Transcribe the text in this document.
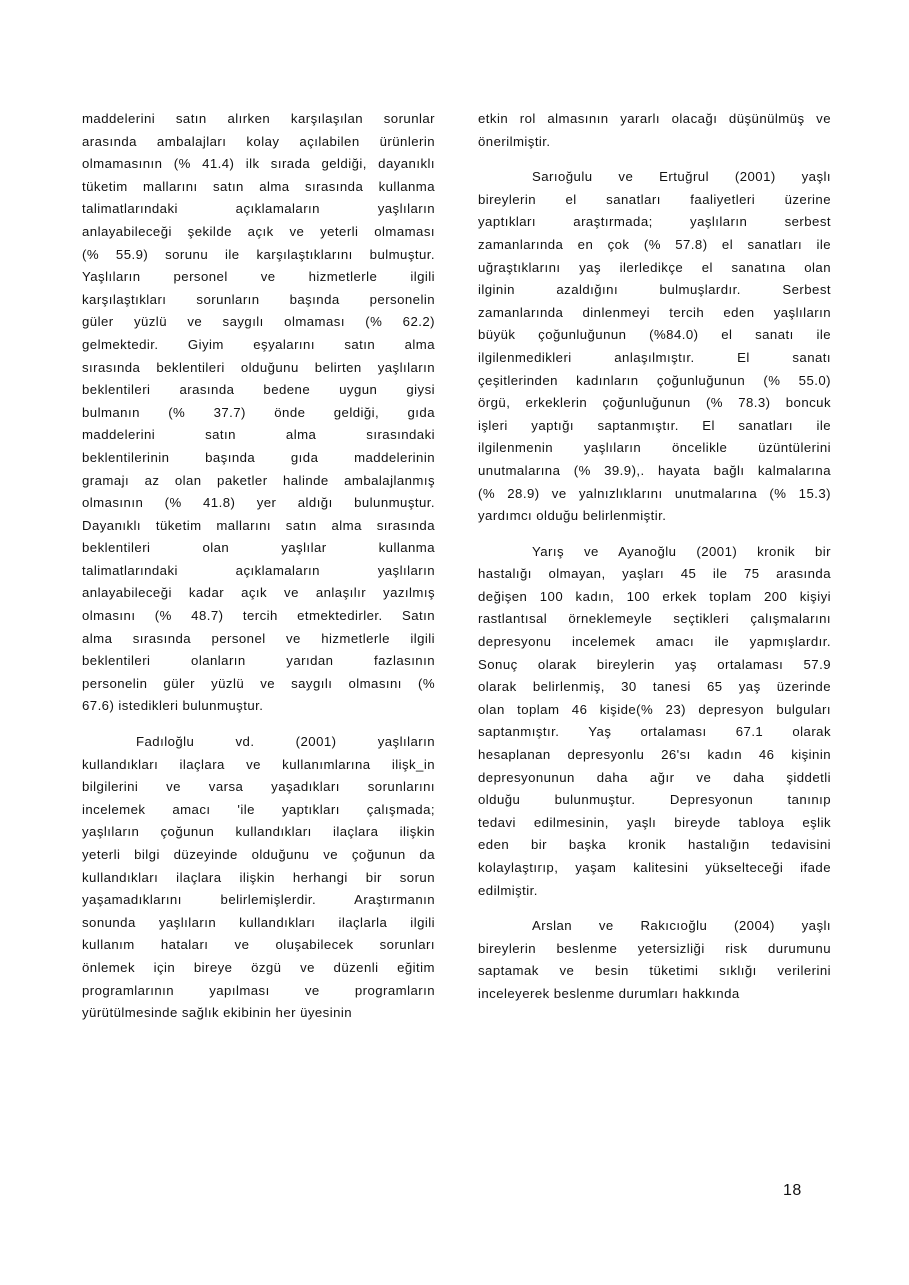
maddelerini satın alırken karşılaşılan sorunlar
arasında ambalajları kolay açılabilen ürünlerin
olmamasının (% 41.4) ilk sırada geldiği, dayanıklı
tüketim mallarını satın alma sırasında kullanma
talimatlarındaki açıklamaların yaşlıların
anlayabileceği şekilde açık ve yeterli olmaması
(% 55.9) sorunu ile karşılaştıklarını bulmuştur.
Yaşlıların personel ve hizmetlerle ilgili
karşılaştıkları sorunların başında personelin
güler yüzlü ve saygılı olmaması (% 62.2)
gelmektedir. Giyim eşyalarını satın alma
sırasında beklentileri olduğunu belirten yaşlıların
beklentileri arasında bedene uygun giysi
bulmanın (% 37.7) önde geldiği, gıda
maddelerini satın alma sırasındaki
beklentilerinin başında gıda maddelerinin
gramajı az olan paketler halinde ambalajlanmış
olmasının (% 41.8) yer aldığı bulunmuştur.
Dayanıklı tüketim mallarını satın alma sırasında
beklentileri olan yaşlılar kullanma
talimatlarındaki açıklamaların yaşlıların
anlayabileceği kadar açık ve anlaşılır yazılmış
olmasını (% 48.7) tercih etmektedirler. Satın
alma sırasında personel ve hizmetlerle ilgili
beklentileri olanların yarıdan fazlasının
personelin güler yüzlü ve saygılı olmasını (%
67.6) istedikleri bulunmuştur.
Fadıloğlu vd. (2001) yaşlıların
kullandıkları ilaçlara ve kullanımlarına ilişk_in
bilgilerini ve varsa yaşadıkları sorunlarını
incelemek amacı 'ile yaptıkları çalışmada;
yaşlıların çoğunun kullandıkları ilaçlara ilişkin
yeterli bilgi düzeyinde olduğunu ve çoğunun da
kullandıkları ilaçlara ilişkin herhangi bir sorun
yaşamadıklarını belirlemişlerdir. Araştırmanın
sonunda yaşlıların kullandıkları ilaçlarla ilgili
kullanım hataları ve oluşabilecek sorunları
önlemek için bireye özgü ve düzenli eğitim
programlarının yapılması ve programların
yürütülmesinde sağlık ekibinin her üyesinin
etkin rol almasının yararlı olacağı düşünülmüş ve
önerilmiştir.
Sarıoğulu ve Ertuğrul (2001) yaşlı
bireylerin el sanatları faaliyetleri üzerine
yaptıkları araştırmada; yaşlıların serbest
zamanlarında en çok (% 57.8) el sanatları ile
uğraştıklarını yaş ilerledikçe el sanatına olan
ilginin azaldığını bulmuşlardır. Serbest
zamanlarında dinlenmeyi tercih eden yaşlıların
büyük çoğunluğunun (%84.0) el sanatı ile
ilgilenmedikleri anlaşılmıştır. El sanatı
çeşitlerinden kadınların çoğunluğunun (% 55.0)
örgü, erkeklerin çoğunluğunun (% 78.3) boncuk
işleri yaptığı saptanmıştır. El sanatları ile
ilgilenmenin yaşlıların öncelikle üzüntülerini
unutmalarına (% 39.9),. hayata bağlı kalmalarına
(% 28.9) ve yalnızlıklarını unutmalarına (% 15.3)
yardımcı olduğu belirlenmiştir.
Yarış ve Ayanoğlu (2001) kronik bir
hastalığı olmayan, yaşları 45 ile 75 arasında
değişen 100 kadın, 100 erkek toplam 200 kişiyi
rastlantısal örneklemeyle seçtikleri çalışmalarını
depresyonu incelemek amacı ile yapmışlardır.
Sonuç olarak bireylerin yaş ortalaması 57.9
olarak belirlenmiş, 30 tanesi 65 yaş üzerinde
olan toplam 46 kişide(% 23) depresyon bulguları
saptanmıştır. Yaş ortalaması 67.1 olarak
hesaplanan depresyonlu 26'sı kadın 46 kişinin
depresyonunun daha ağır ve daha şiddetli
olduğu bulunmuştur. Depresyonun tanınıp
tedavi edilmesinin, yaşlı bireyde tabloya eşlik
eden bir başka kronik hastalığın tedavisini
kolaylaştırıp, yaşam kalitesini yükselteceği ifade
edilmiştir.
Arslan ve Rakıcıoğlu (2004) yaşlı
bireylerin beslenme yetersizliği risk durumunu
saptamak ve besin tüketimi sıklığı verilerini
inceleyerek beslenme durumları hakkında
18
